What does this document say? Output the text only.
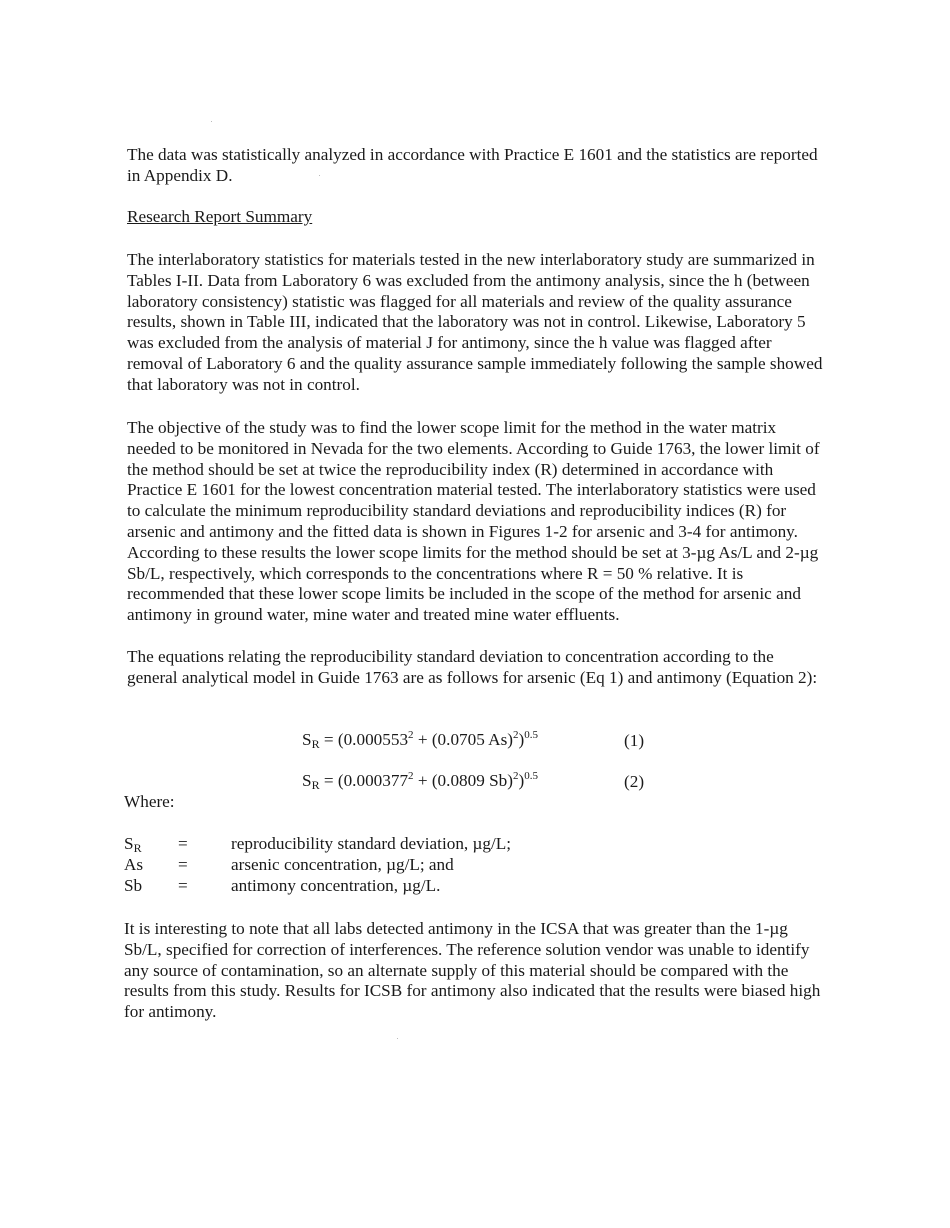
The data was statistically analyzed in accordance with Practice E 1601 and the statistics are reported in Appendix D.

Research Report Summary

The interlaboratory statistics for materials tested in the new interlaboratory study are summarized in Tables I-II. Data from Laboratory 6 was excluded from the antimony analysis, since the h (between laboratory consistency) statistic was flagged for all materials and review of the quality assurance results, shown in Table III, indicated that the laboratory was not in control. Likewise, Laboratory 5 was excluded from the analysis of material J for antimony, since the h value was flagged after removal of Laboratory 6 and the quality assurance sample immediately following the sample showed that laboratory was not in control.

The objective of the study was to find the lower scope limit for the method in the water matrix needed to be monitored in Nevada for the two elements. According to Guide 1763, the lower limit of the method should be set at twice the reproducibility index (R) determined in accordance with Practice E 1601 for the lowest concentration material tested. The interlaboratory statistics were used to calculate the minimum reproducibility standard deviations and reproducibility indices (R) for arsenic and antimony and the fitted data is shown in Figures 1-2 for arsenic and 3-4 for antimony. According to these results the lower scope limits for the method should be set at 3-µg As/L and 2-µg Sb/L, respectively, which corresponds to the concentrations where R = 50 % relative. It is recommended that these lower scope limits be included in the scope of the method for arsenic and antimony in ground water, mine water and treated mine water effluents.

The equations relating the reproducibility standard deviation to concentration according to the general analytical model in Guide 1763 are as follows for arsenic (Eq 1) and antimony (Equation 2):

$S_R = (0.000553^2 + (0.0705$ As)$^2$)$^{0.5}$	(1)
$S_R = (0.000377^2 + (0.0809$ Sb)$^2$)$^{0.5}$	(2)

Where:

$S_R$ =	reproducibility standard deviation, µg/L;
As =	arsenic concentration, µg/L; and
Sb =	antimony concentration, µg/L.

It is interesting to note that all labs detected antimony in the ICSA that was greater than the 1-µg Sb/L, specified for correction of interferences. The reference solution vendor was unable to identify any source of contamination, so an alternate supply of this material should be compared with the results from this study. Results for ICSB for antimony also indicated that the results were biased high for antimony.
